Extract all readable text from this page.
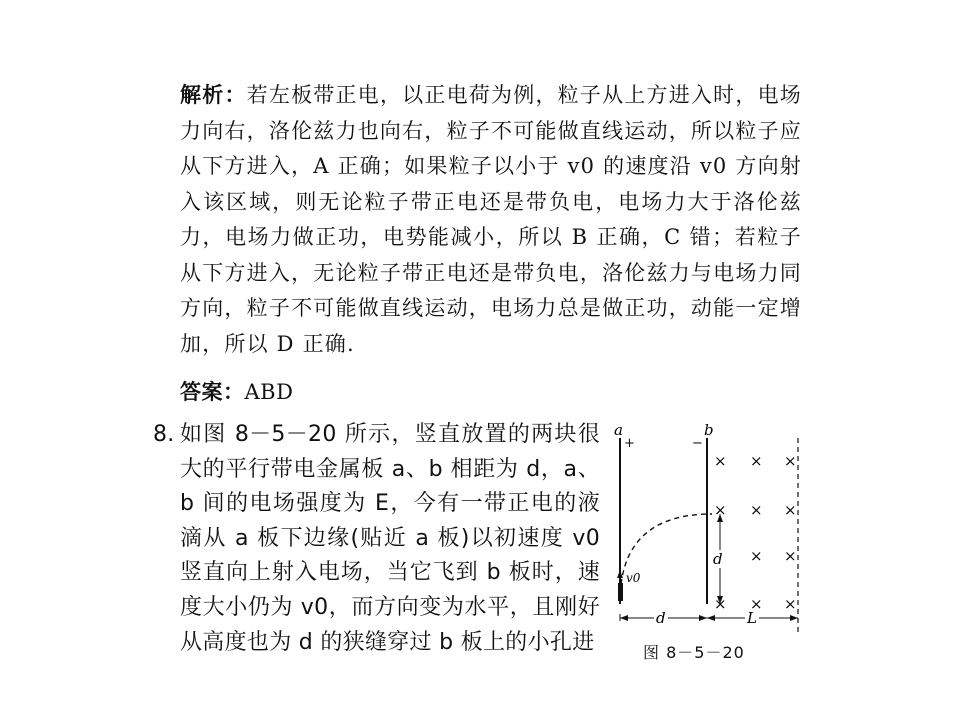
解析：若左板带正电，以正电荷为例，粒子从上方进入时，电场力向右，洛伦兹力也向右，粒子不可能做直线运动，所以粒子应从下方进入，A 正确；如果粒子以小于 v0 的速度沿 v0 方向射入该区域，则无论粒子带正电还是带负电，电场力大于洛伦兹力，电场力做正功，电势能减小，所以 B 正确，C 错；若粒子从下方进入，无论粒子带正电还是带负电，洛伦兹力与电场力同方向，粒子不可能做直线运动，电场力总是做正功，动能一定增加，所以 D 正确.
答案：ABD
8. 如图 8－5－20 所示，竖直放置的两块很大的平行带电金属板 a、b 相距为 d，a、b 间的电场强度为 E，今有一带正电的液滴从 a 板下边缘(贴近 a 板)以初速度 v0 竖直向上射入电场，当它飞到 b 板时，速度大小仍为 v0，而方向变为水平，且刚好从高度也为 d 的狭缝穿过 b 板上的小孔进
a
+
b
−
v0
d
d	L
× × ×
× × ×
× ×
× × ×
图 8－5－20
